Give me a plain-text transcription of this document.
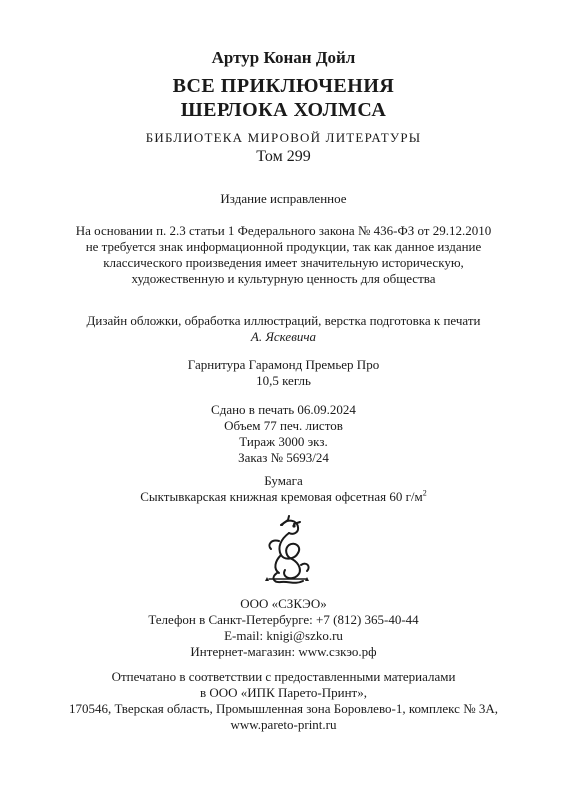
Артур Конан Дойл
ВСЕ ПРИКЛЮЧЕНИЯ
ШЕРЛОКА ХОЛМСА
БИБЛИОТЕКА МИРОВОЙ ЛИТЕРАТУРЫ
Том 299
Издание исправленное
На основании п. 2.3 статьи 1 Федерального закона № 436-ФЗ от 29.12.2010
не требуется знак информационной продукции, так как данное издание
классического произведения имеет значительную историческую,
художественную и культурную ценность для общества
Дизайн обложки, обработка иллюстраций, верстка подготовка к печати
А. Яскевича
Гарнитура Гарамонд Премьер Про
10,5 кегль
Сдано в печать 06.09.2024
Объем 77 печ. листов
Тираж 3000 экз.
Заказ № 5693/24
Бумага
Сыктывкарская книжная кремовая офсетная 60 $г/м^2$
ООО «СЗКЭО»
Телефон в Санкт-Петербурге: +7 (812) 365-40-44
E-mail: knigi@szko.ru
Интернет-магазин: www.сзкэо.рф
Отпечатано в соответствии с предоставленными материалами
в ООО «ИПК Парето-Принт»,
170546, Тверская область, Промышленная зона Боровлево-1, комплекс № 3А,
www.pareto-print.ru
